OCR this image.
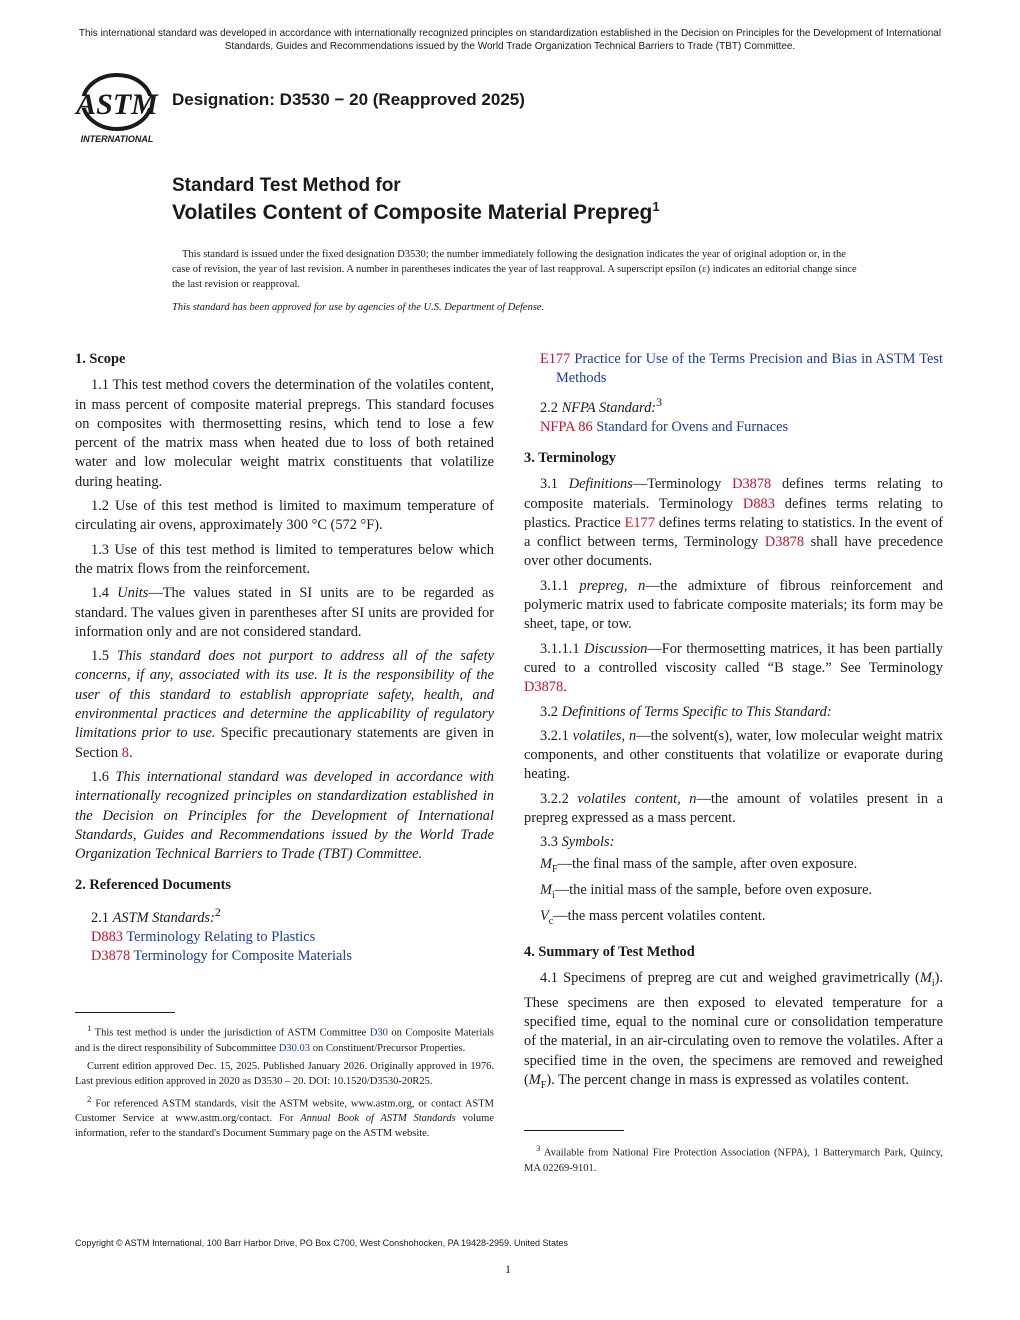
This international standard was developed in accordance with internationally recognized principles on standardization established in the Decision on Principles for the Development of International Standards, Guides and Recommendations issued by the World Trade Organization Technical Barriers to Trade (TBT) Committee.
ASTM
INTERNATIONAL
Designation: D3530 − 20 (Reapproved 2025)
Standard Test Method for
Volatiles Content of Composite Material Prepreg$^1$
This standard is issued under the fixed designation D3530; the number immediately following the designation indicates the year of original adoption or, in the case of revision, the year of last revision. A number in parentheses indicates the year of last reapproval. A superscript epsilon (ε) indicates an editorial change since the last revision or reapproval.
This standard has been approved for use by agencies of the U.S. Department of Defense.
1. Scope

1.1 This test method covers the determination of the volatiles content, in mass percent of composite material prepregs. This standard focuses on composites with thermosetting resins, which tend to lose a few percent of the matrix mass when heated due to loss of both retained water and low molecular weight matrix constituents that volatilize during heating.

1.2 Use of this test method is limited to maximum temperature of circulating air ovens, approximately 300 °C (572 °F).

1.3 Use of this test method is limited to temperatures below which the matrix flows from the reinforcement.

1.4 Units—The values stated in SI units are to be regarded as standard. The values given in parentheses after SI units are provided for information only and are not considered standard.

1.5 This standard does not purport to address all of the safety concerns, if any, associated with its use. It is the responsibility of the user of this standard to establish appropriate safety, health, and environmental practices and determine the applicability of regulatory limitations prior to use. Specific precautionary statements are given in Section 8.

1.6 This international standard was developed in accordance with internationally recognized principles on standardization established in the Decision on Principles for the Development of International Standards, Guides and Recommendations issued by the World Trade Organization Technical Barriers to Trade (TBT) Committee.

2. Referenced Documents

2.1 ASTM Standards:$^2$

D883 Terminology Relating to Plastics

D3878 Terminology for Composite Materials

$^1$ This test method is under the jurisdiction of ASTM Committee D30 on Composite Materials and is the direct responsibility of Subcommittee D30.03 on Constituent/Precursor Properties.

Current edition approved Dec. 15, 2025. Published January 2026. Originally approved in 1976. Last previous edition approved in 2020 as D3530 – 20. DOI: 10.1520/D3530-20R25.

$^2$ For referenced ASTM standards, visit the ASTM website, www.astm.org, or contact ASTM Customer Service at www.astm.org/contact. For Annual Book of ASTM Standards volume information, refer to the standard's Document Summary page on the ASTM website.

E177 Practice for Use of the Terms Precision and Bias in ASTM Test Methods

2.2 NFPA Standard:$^3$

NFPA 86 Standard for Ovens and Furnaces

3. Terminology

3.1 Definitions—Terminology D3878 defines terms relating to composite materials. Terminology D883 defines terms relating to plastics. Practice E177 defines terms relating to statistics. In the event of a conflict between terms, Terminology D3878 shall have precedence over other documents.

3.1.1 prepreg, n—the admixture of fibrous reinforcement and polymeric matrix used to fabricate composite materials; its form may be sheet, tape, or tow.

3.1.1.1 Discussion—For thermosetting matrices, it has been partially cured to a controlled viscosity called “B stage.” See Terminology D3878.

3.2 Definitions of Terms Specific to This Standard:

3.2.1 volatiles, n—the solvent(s), water, low molecular weight matrix components, and other constituents that volatilize or evaporate during heating.

3.2.2 volatiles content, n—the amount of volatiles present in a prepreg expressed as a mass percent.

3.3 Symbols:

$M_F—the$ final mass of the sample, after oven exposure.

$M_i—the$ initial mass of the sample, before oven exposure.

$V_c—the$ mass percent volatiles content.

4. Summary of Test Method

4.1 Specimens of prepreg are cut and weighed gravimetrically $(M_i)$. These specimens are then exposed to elevated temperature for a specified time, equal to the nominal cure or consolidation temperature of the material, in an air-circulating oven to remove the volatiles. After a specified time in the oven, the specimens are removed and reweighed $(M_F)$. The percent change in mass is expressed as volatiles content.

$^3$ Available from National Fire Protection Association (NFPA), 1 Batterymarch Park, Quincy, MA 02269-9101.

Copyright © ASTM International, 100 Barr Harbor Drive, PO Box C700, West Conshohocken, PA 19428-2959. United States
1
